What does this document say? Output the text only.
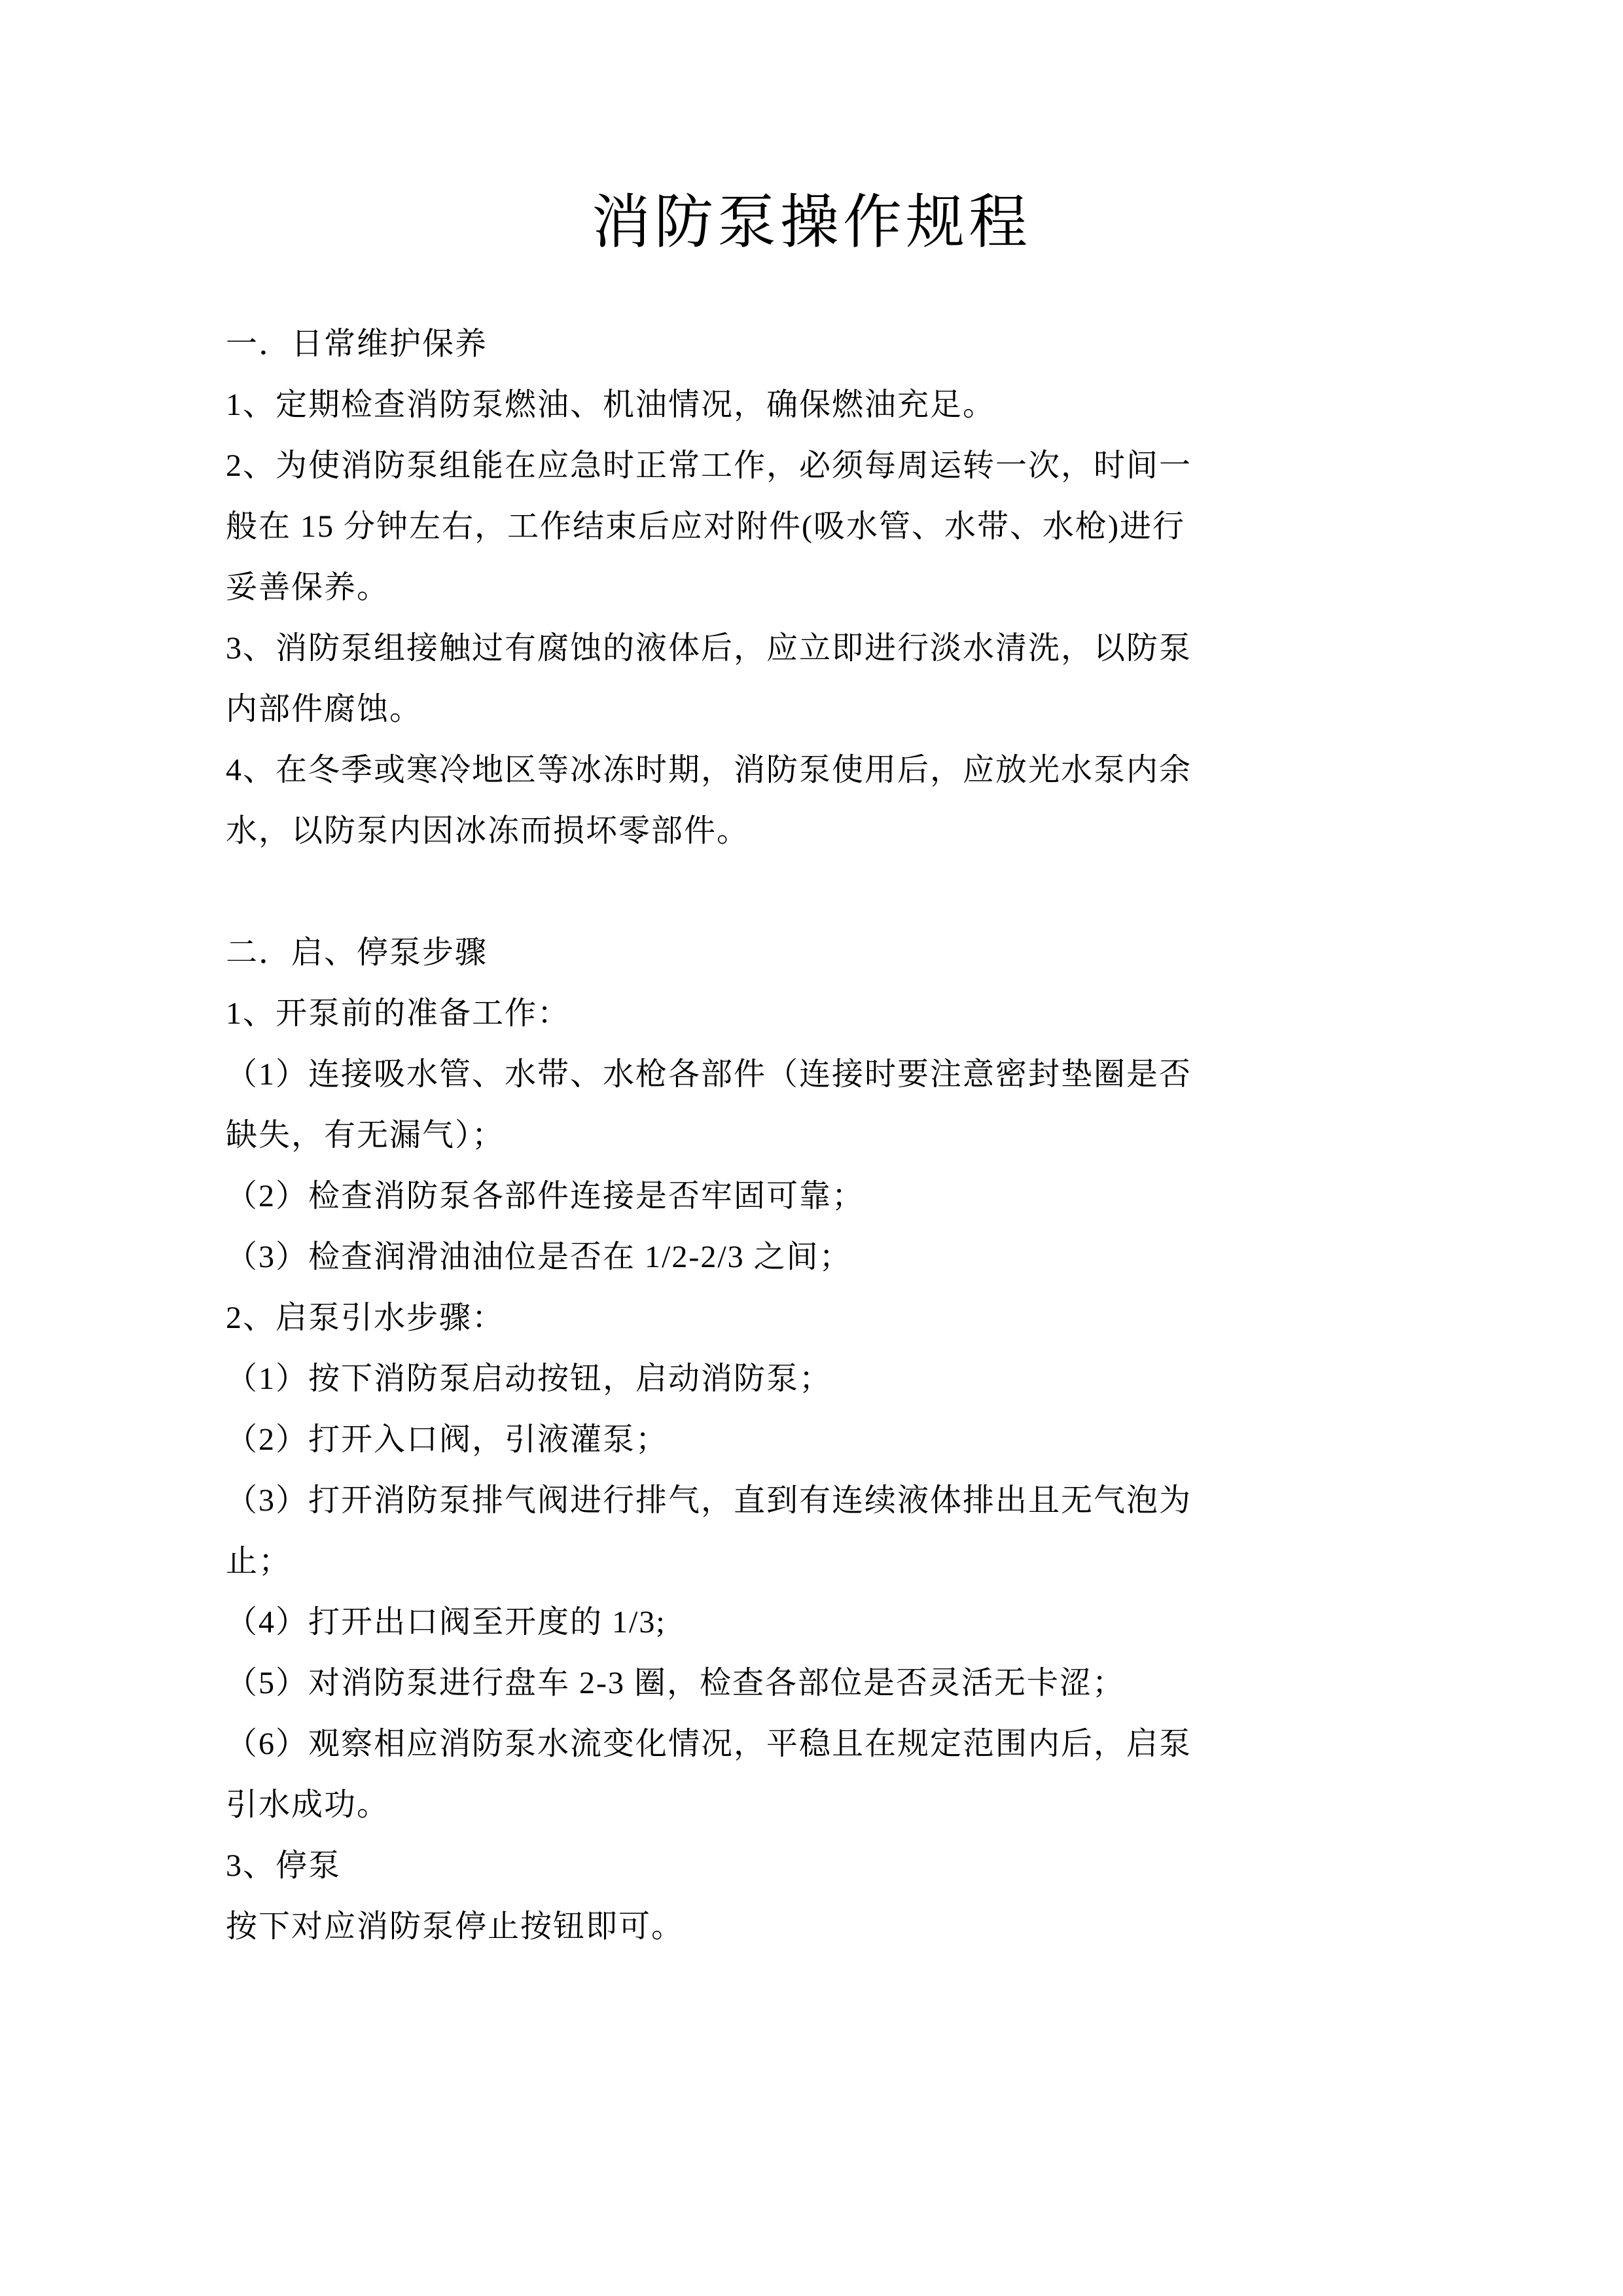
消防泵操作规程
一．日常维护保养
1、定期检查消防泵燃油、机油情况，确保燃油充足。
2、为使消防泵组能在应急时正常工作，必须每周运转一次，时间一
般在 15 分钟左右，工作结束后应对附件(吸水管、水带、水枪)进行
妥善保养。
3、消防泵组接触过有腐蚀的液体后，应立即进行淡水清洗，以防泵
内部件腐蚀。
4、在冬季或寒冷地区等冰冻时期，消防泵使用后，应放光水泵内余
水，以防泵内因冰冻而损坏零部件。
二．启、停泵步骤
1、开泵前的准备工作：
（1）连接吸水管、水带、水枪各部件（连接时要注意密封垫圈是否
缺失，有无漏气）；
（2）检查消防泵各部件连接是否牢固可靠；
（3）检查润滑油油位是否在 1/2-2/3 之间；
2、启泵引水步骤：
（1）按下消防泵启动按钮，启动消防泵；
（2）打开入口阀，引液灌泵；
（3）打开消防泵排气阀进行排气，直到有连续液体排出且无气泡为
止；
（4）打开出口阀至开度的 1/3;
（5）对消防泵进行盘车 2-3 圈，检查各部位是否灵活无卡涩；
（6）观察相应消防泵水流变化情况，平稳且在规定范围内后，启泵
引水成功。
3、停泵
按下对应消防泵停止按钮即可。
